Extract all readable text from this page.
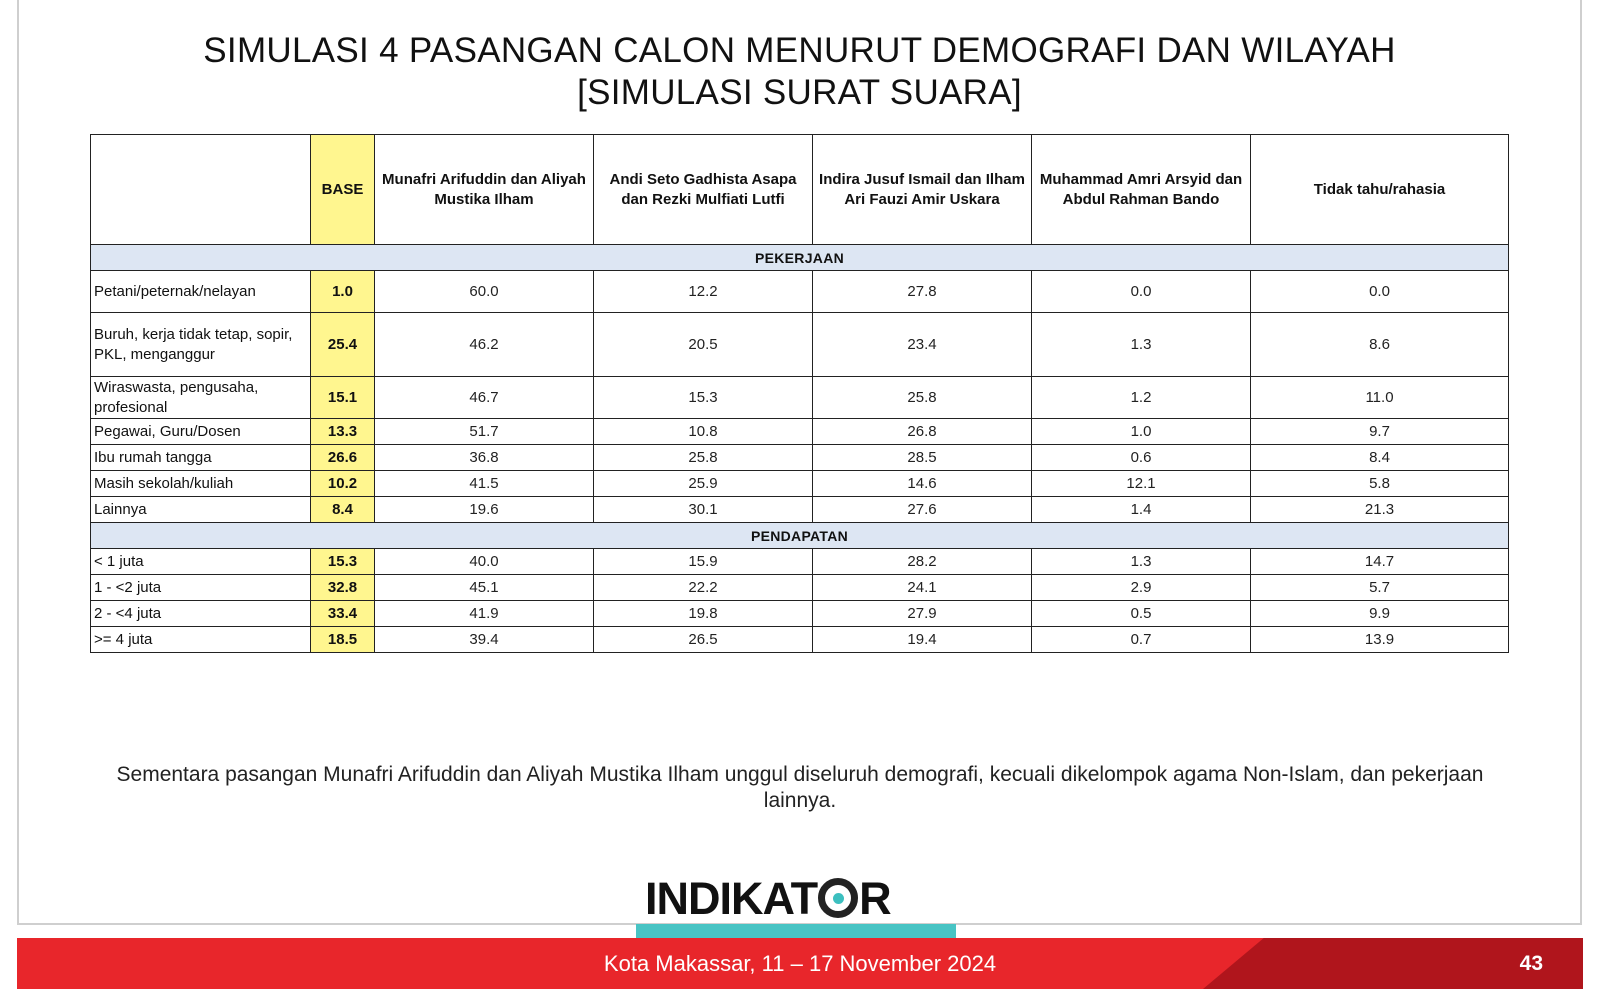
SIMULASI 4 PASANGAN CALON MENURUT DEMOGRAFI DAN WILAYAH
[SIMULASI SURAT SUARA]
	BASE	Munafri Arifuddin dan Aliyah Mustika Ilham	Andi Seto Gadhista Asapa dan Rezki Mulfiati Lutfi	Indira Jusuf Ismail dan Ilham Ari Fauzi Amir Uskara	Muhammad Amri Arsyid dan Abdul Rahman Bando	Tidak tahu/rahasia
PEKERJAAN						
Petani/peternak/nelayan	1.0	60.0	12.2	27.8	0.0	0.0
Buruh, kerja tidak tetap, sopir, PKL, menganggur	25.4	46.2	20.5	23.4	1.3	8.6
Wiraswasta, pengusaha, profesional	15.1	46.7	15.3	25.8	1.2	11.0
Pegawai, Guru/Dosen	13.3	51.7	10.8	26.8	1.0	9.7
Ibu rumah tangga	26.6	36.8	25.8	28.5	0.6	8.4
Masih sekolah/kuliah	10.2	41.5	25.9	14.6	12.1	5.8
Lainnya	8.4	19.6	30.1	27.6	1.4	21.3
PENDAPATAN						
< 1 juta	15.3	40.0	15.9	28.2	1.3	14.7
1 - <2 juta	32.8	45.1	22.2	24.1	2.9	5.7
2 - <4 juta	33.4	41.9	19.8	27.9	0.5	9.9
>= 4 juta	18.5	39.4	26.5	19.4	0.7	13.9
Sementara pasangan Munafri Arifuddin dan Aliyah Mustika Ilham unggul diseluruh demografi, kecuali dikelompok agama Non-Islam, dan pekerjaan lainnya.
INDIKAT R
Kota Makassar, 11 – 17 November 2024	43
